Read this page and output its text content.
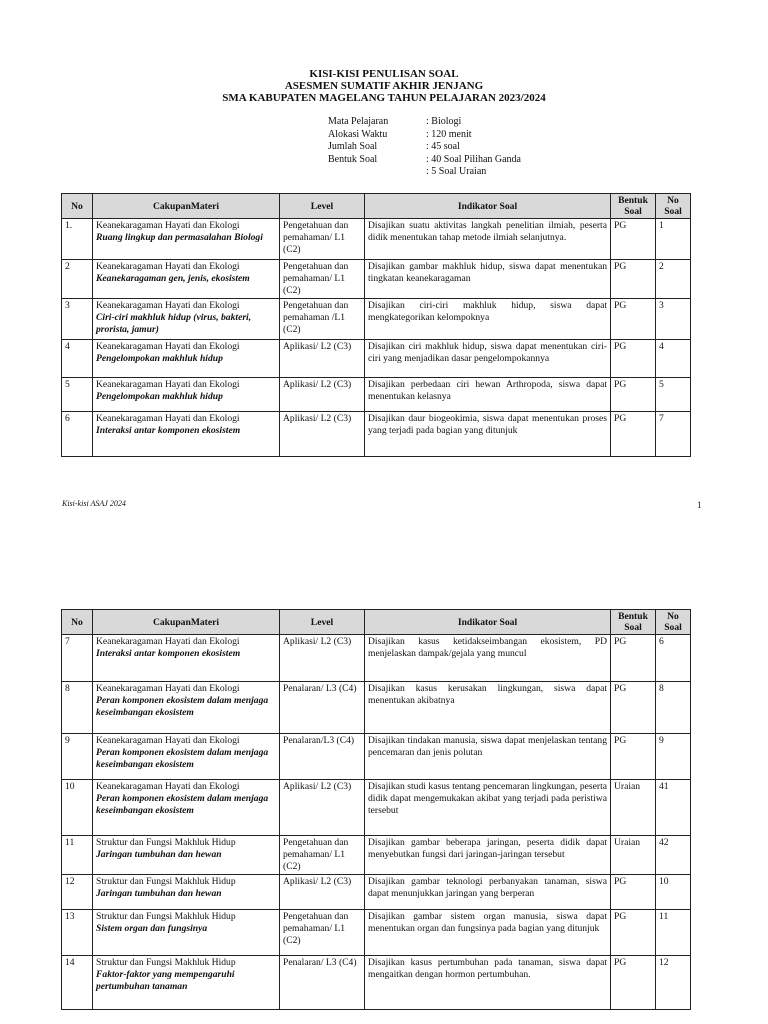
KISI-KISI PENULISAN SOAL
ASESMEN SUMATIF AKHIR JENJANG
SMA KABUPATEN MAGELANG TAHUN PELAJARAN 2023/2024
Mata Pelajaran	: Biologi
Alokasi Waktu	: 120 menit
Jumlah Soal	: 45 soal
Bentuk Soal	: 40 Soal Pilihan Ganda
: 5 Soal Uraian
No	CakupanMateri	Level	Indikator Soal	Bentuk
Soal	No
Soal
1.	Keanekaragaman Hayati dan Ekologi
Ruang lingkup dan permasalahan Biologi	Pengetahuan dan pemahaman/ L1 (C2)	Disajikan suatu aktivitas langkah penelitian ilmiah, peserta didik menentukan tahap metode ilmiah selanjutnya.	PG	1
2	Keanekaragaman Hayati dan Ekologi
Keanekaragaman gen, jenis, ekosistem	Pengetahuan dan pemahaman/ L1 (C2)	Disajikan gambar makhluk hidup, siswa dapat menentukan tingkatan keanekaragaman	PG	2
3	Keanekaragaman Hayati dan Ekologi
Ciri-ciri makhluk hidup (virus, bakteri, prorista, jamur)	Pengetahuan dan pemahaman /L1 (C2)	Disajikan ciri-ciri makhluk hidup, siswa dapat mengkategorikan kelompoknya	PG	3
4	Keanekaragaman Hayati dan Ekologi
Pengelompokan makhluk hidup	Aplikasi/ L2 (C3)	Disajikan ciri makhluk hidup, siswa dapat menentukan ciri-ciri yang menjadikan dasar pengelompokannya	PG	4
5	Keanekaragaman Hayati dan Ekologi
Pengelompokan makhluk hidup	Aplikasi/ L2 (C3)	Disajikan perbedaan ciri hewan Arthropoda, siswa dapat menentukan kelasnya	PG	5
6	Keanekaragaman Hayati dan Ekologi
Interaksi antar komponen ekosistem	Aplikasi/ L2 (C3)	Disajikan daur biogeokimia, siswa dapat menentukan proses yang terjadi pada bagian yang ditunjuk	PG	7
Kisi-kisi ASAJ 2024	1
No	CakupanMateri	Level	Indikator Soal	Bentuk
Soal	No
Soal
7	Keanekaragaman Hayati dan Ekologi
Interaksi antar komponen ekosistem	Aplikasi/ L2 (C3)	Disajikan kasus ketidakseimbangan ekosistem, PD menjelaskan dampak/gejala yang muncul	PG	6
8	Keanekaragaman Hayati dan Ekologi
Peran komponen ekosistem dalam menjaga keseimbangan ekosistem	Penalaran/ L3 (C4)	Disajikan kasus kerusakan lingkungan, siswa dapat menentukan akibatnya	PG	8
9	Keanekaragaman Hayati dan Ekologi
Peran komponen ekosistem dalam menjaga keseimbangan ekosistem	Penalaran/L3 (C4)	Disajikan tindakan manusia, siswa dapat menjelaskan tentang pencemaran dan jenis polutan	PG	9
10	Keanekaragaman Hayati dan Ekologi
Peran komponen ekosistem dalam menjaga keseimbangan ekosistem	Aplikasi/ L2 (C3)	Disajikan studi kasus tentang pencemaran lingkungan, peserta didik dapat mengemukakan akibat yang terjadi pada peristiwa tersebut	Uraian	41
11	Struktur dan Fungsi Makhluk Hidup
Jaringan tumbuhan dan hewan	Pengetahuan dan pemahaman/ L1 (C2)	Disajikan gambar beberapa jaringan, peserta didik dapat menyebutkan fungsi dari jaringan-jaringan tersebut	Uraian	42
12	Struktur dan Fungsi Makhluk Hidup
Jaringan tumbuhan dan hewan	Aplikasi/ L2 (C3)	Disajikan gambar teknologi perbanyakan tanaman, siswa dapat menunjukkan jaringan yang berperan	PG	10
13	Struktur dan Fungsi Makhluk Hidup
Sistem organ dan fungsinya	Pengetahuan dan pemahaman/ L1 (C2)	Disajikan gambar sistem organ manusia, siswa dapat menentukan organ dan fungsinya pada bagian yang ditunjuk	PG	11
14	Struktur dan Fungsi Makhluk Hidup
Faktor-faktor yang mempengaruhi pertumbuhan tanaman	Penalaran/ L3 (C4)	Disajikan kasus pertumbuhan pada tanaman, siswa dapat mengaitkan dengan hormon pertumbuhan.	PG	12
